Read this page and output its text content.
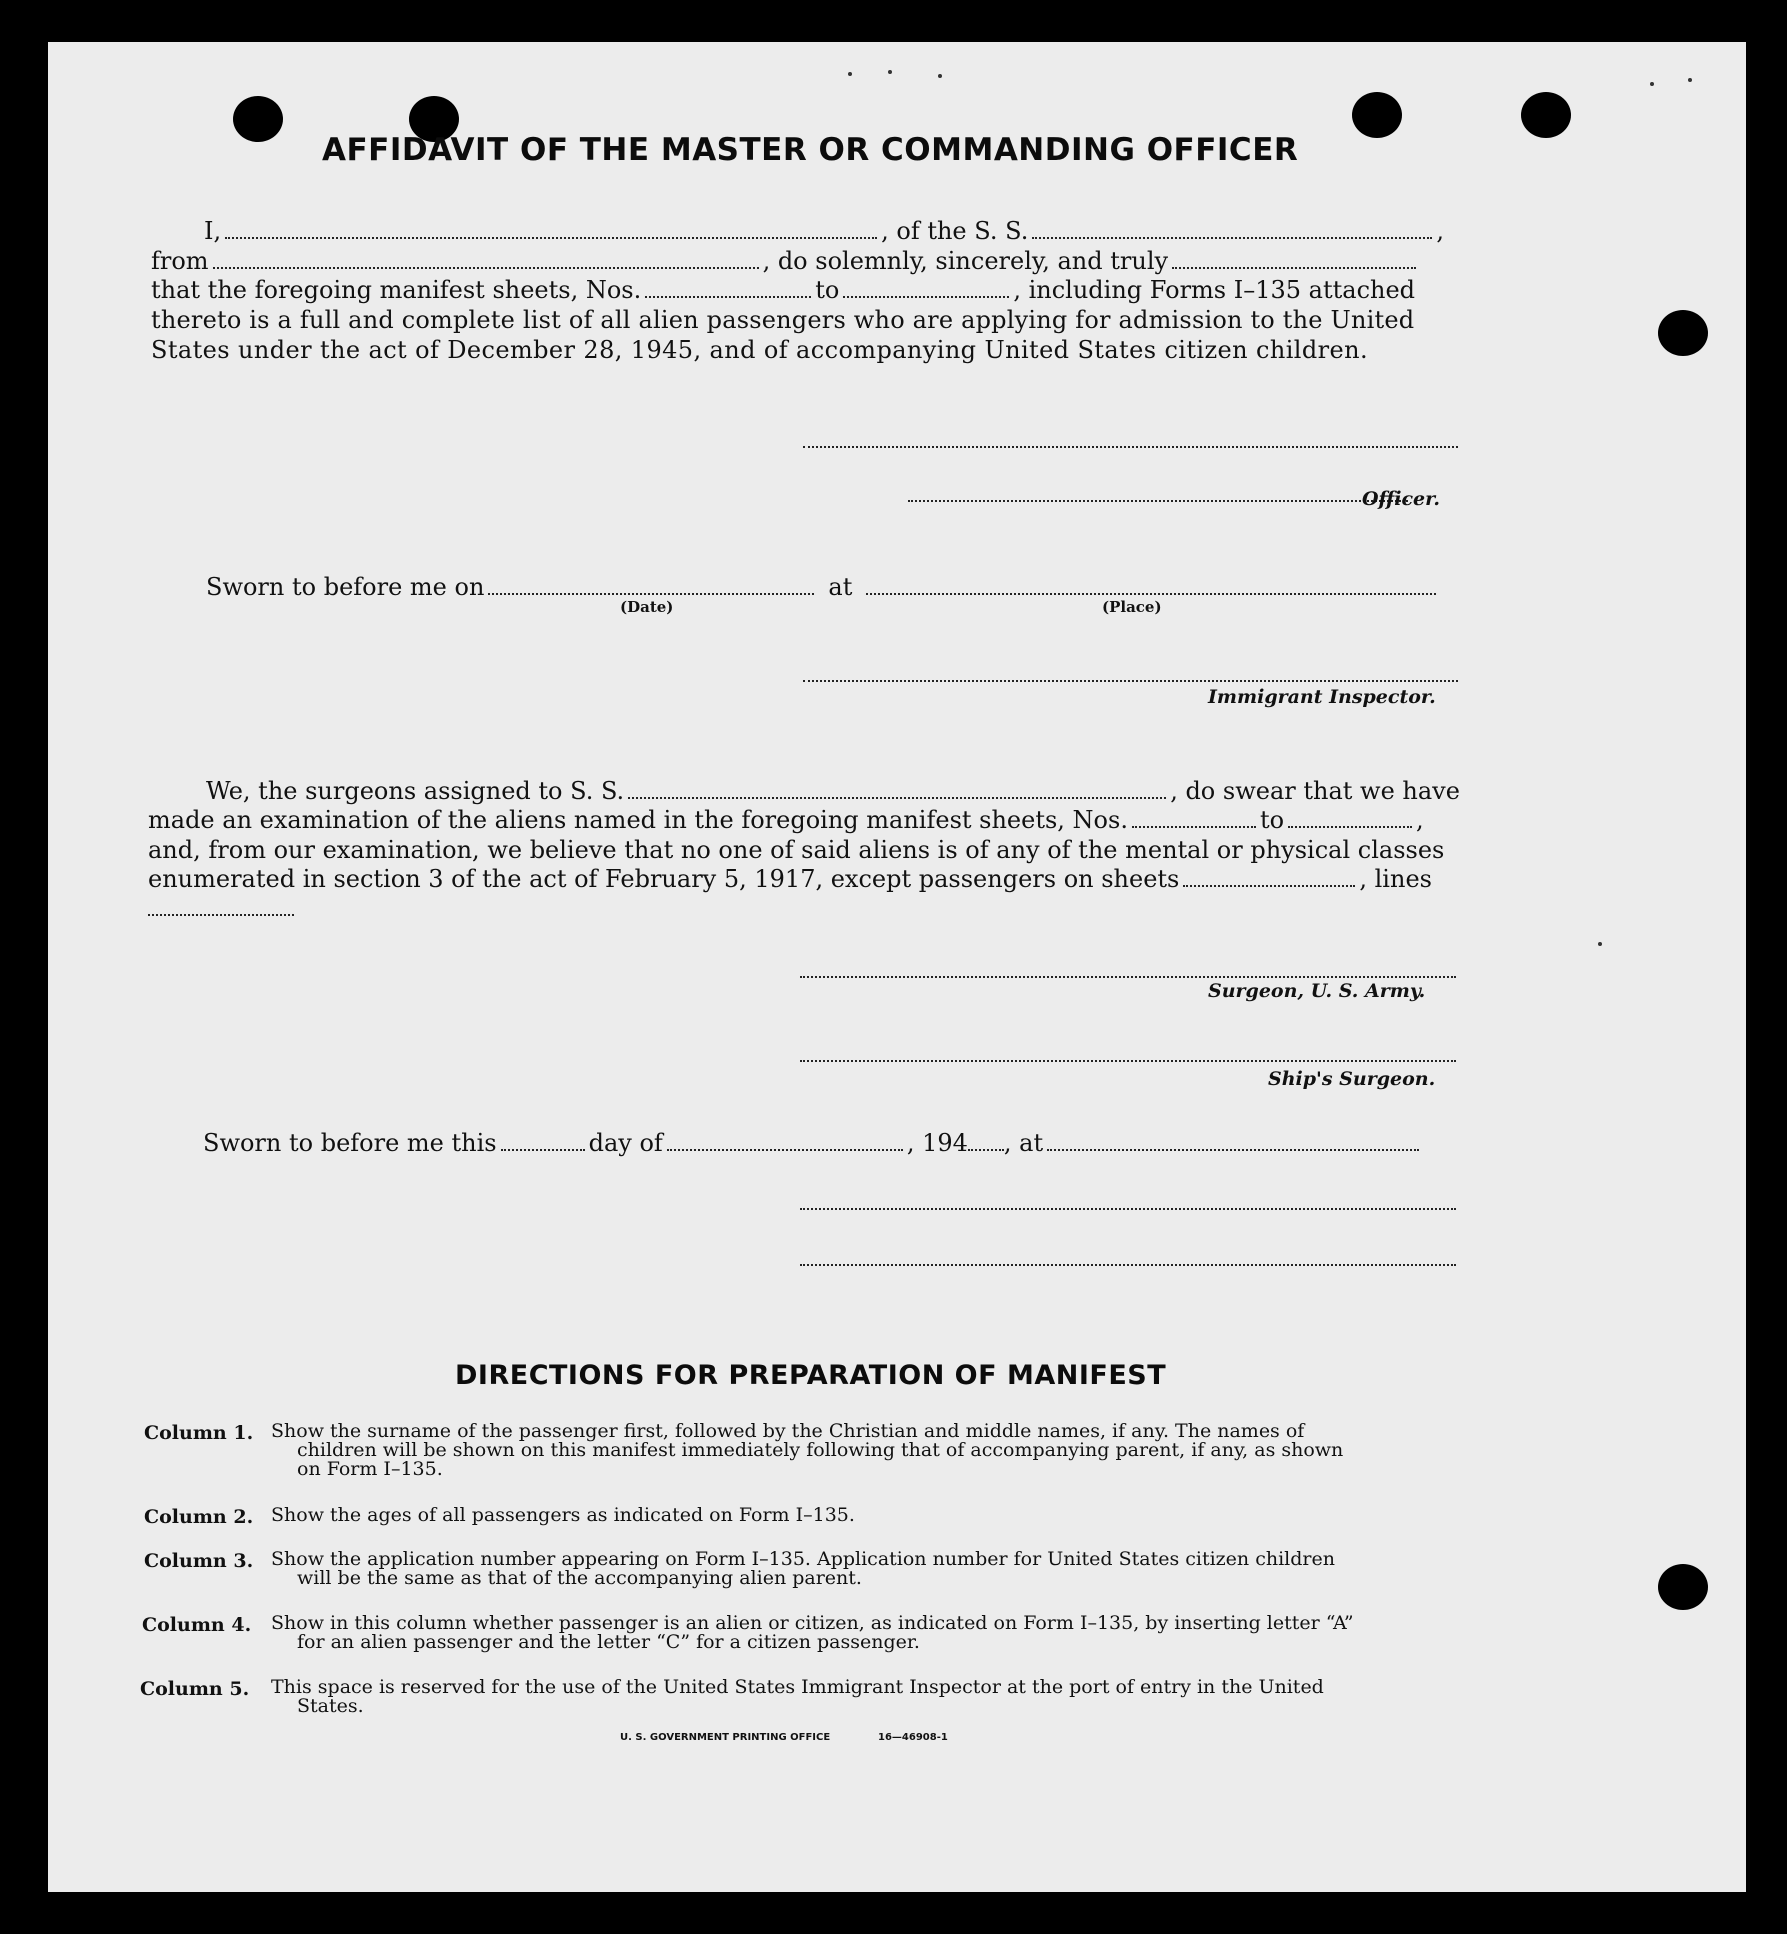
AFFIDAVIT OF THE MASTER OR COMMANDING OFFICER
I,	, of the S. S.	,
from	, do solemnly, sincerely, and truly
that the foregoing manifest sheets, Nos.	to	, including Forms I–135 attached
thereto is a full and complete list of all alien passengers who are applying for admission to the United
States under the act of December 28, 1945, and of accompanying United States citizen children.
Officer.
Sworn to before me on	at
(Date)	(Place)
Immigrant Inspector.
We, the surgeons assigned to S. S.	, do swear that we have
made an examination of the aliens named in the foregoing manifest sheets, Nos.	to	,
and, from our examination, we believe that no one of said aliens is of any of the mental or physical classes
enumerated in section 3 of the act of February 5, 1917, except passengers on sheets	, lines
Surgeon, U. S. Army.
Ship's Surgeon.
Sworn to before me this	day of	, 194 , at
DIRECTIONS FOR PREPARATION OF MANIFEST
Column 1. Show the surname of the passenger first, followed by the Christian and middle names, if any. The names of
children will be shown on this manifest immediately following that of accompanying parent, if any, as shown
on Form I–135.
Column 2. Show the ages of all passengers as indicated on Form I–135.
Column 3. Show the application number appearing on Form I–135. Application number for United States citizen children
will be the same as that of the accompanying alien parent.
Column 4. Show in this column whether passenger is an alien or citizen, as indicated on Form I–135, by inserting letter “A”
for an alien passenger and the letter “C” for a citizen passenger.
Column 5. This space is reserved for the use of the United States Immigrant Inspector at the port of entry in the United
States.
U. S. GOVERNMENT PRINTING OFFICE	16—46908-1
